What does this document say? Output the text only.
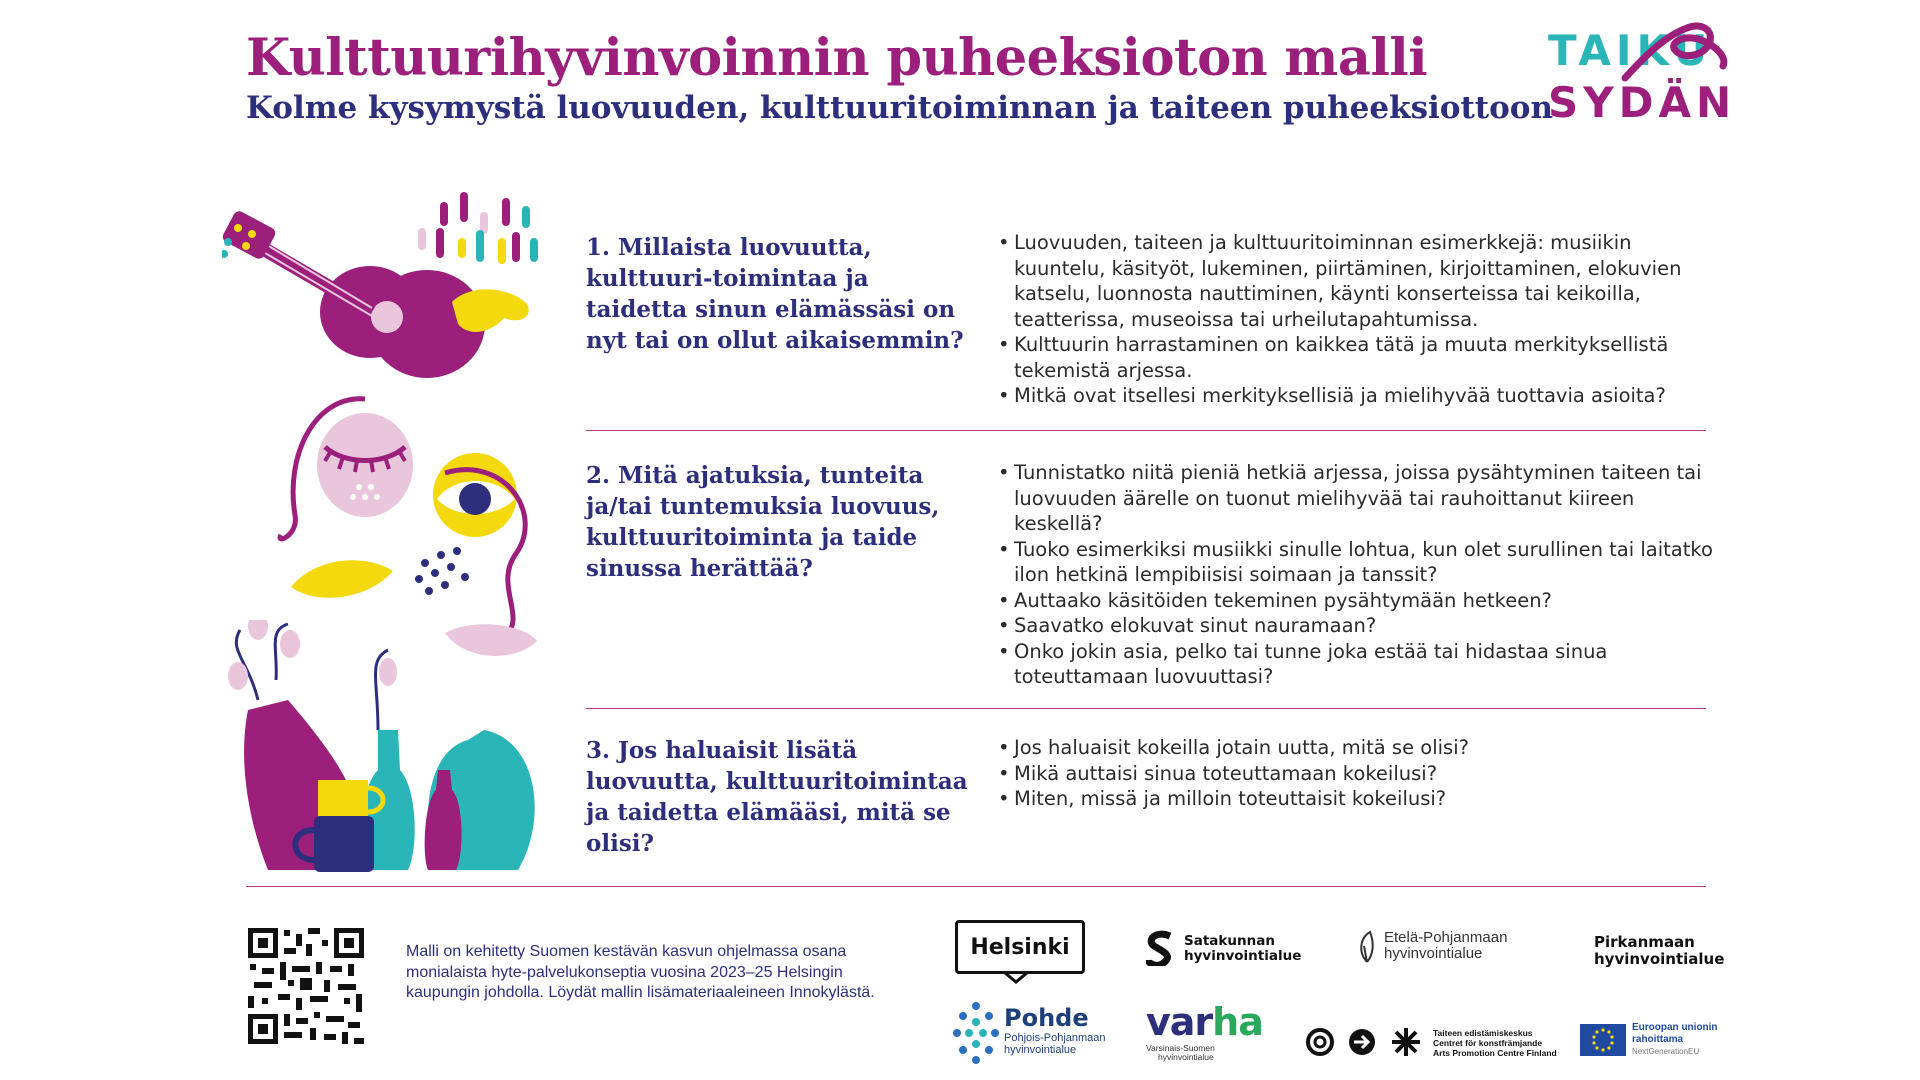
Kulttuurihyvinvoinnin puheeksioton malli
Kolme kysymystä luovuuden, kulttuuritoiminnan ja taiteen puheeksiottoon
TAIKU
SYDÄN
1. Millaista luovuutta, kulttuuri-toimintaa ja taidetta sinun elämässäsi on nyt tai on ollut aikaisemmin?
• Luovuuden, taiteen ja kulttuuritoiminnan esimerkkejä: musiikin kuuntelu, käsityöt, lukeminen, piirtäminen, kirjoittaminen, elokuvien katselu, luonnosta nauttiminen, käynti konserteissa tai keikoilla, teatterissa, museoissa tai urheilutapahtumissa.
• Kulttuurin harrastaminen on kaikkea tätä ja muuta merkityksellistä tekemistä arjessa.
• Mitkä ovat itsellesi merkityksellisiä ja mielihyvää tuottavia asioita?
2. Mitä ajatuksia, tunteita ja/tai tuntemuksia luovuus, kulttuuritoiminta ja taide sinussa herättää?
• Tunnistatko niitä pieniä hetkiä arjessa, joissa pysähtyminen taiteen tai luovuuden äärelle on tuonut mielihyvää tai rauhoittanut kiireen keskellä?
• Tuoko esimerkiksi musiikki sinulle lohtua, kun olet surullinen tai laitatko ilon hetkinä lempibiisisi soimaan ja tanssit?
• Auttaako käsitöiden tekeminen pysähtymään hetkeen?
• Saavatko elokuvat sinut nauramaan?
• Onko jokin asia, pelko tai tunne joka estää tai hidastaa sinua toteuttamaan luovuuttasi?
3. Jos haluaisit lisätä luovuutta, kulttuuritoimintaa ja taidetta elämääsi, mitä se olisi?
• Jos haluaisit kokeilla jotain uutta, mitä se olisi?
• Mikä auttaisi sinua toteuttamaan kokeilusi?
• Miten, missä ja milloin toteuttaisit kokeilusi?
Malli on kehitetty Suomen kestävän kasvun ohjelmassa osana monialaista hyte-palvelukonseptia vuosina 2023–25 Helsingin kaupungin johdolla. Löydät mallin lisämateriaaleineen Innokylästä.
Helsinki	Satakunnan
hyvinvointialue
Etelä-Pohjanmaan
hyvinvointialue
Pirkanmaan
hyvinvointialue
Pohde
Pohjois-Pohjanmaan
hyvinvointialue
varha
Varsinais-Suomen
hyvinvointialue
Taiteen edistämiskeskus
Centret för konstfrämjande
Arts Promotion Centre Finland
Euroopan unionin
rahoittama
NextGenerationEU
